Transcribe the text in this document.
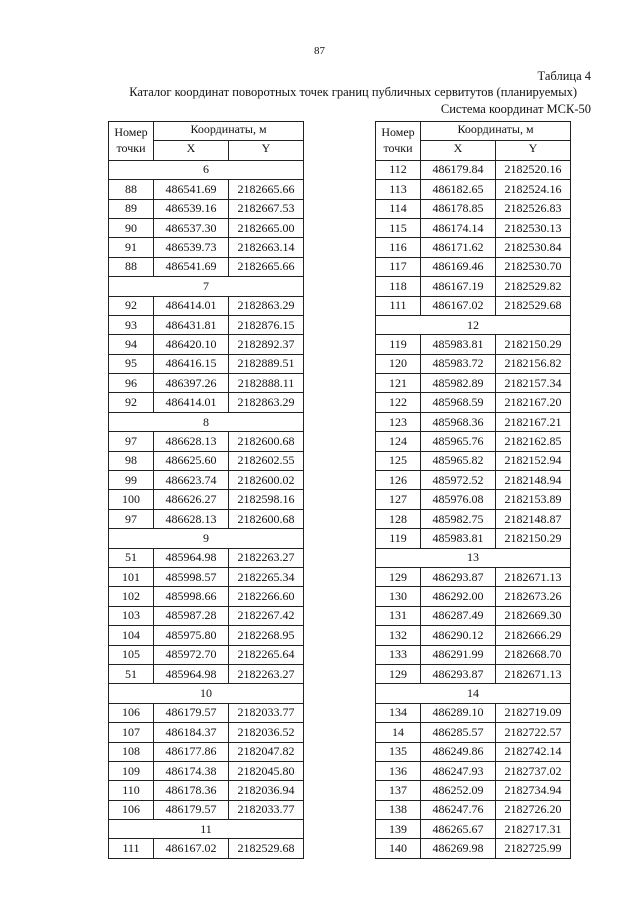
87
Таблица 4
Каталог координат поворотных точек границ публичных сервитутов (планируемых)
Система координат МСК-50
Номер точки	Координаты, м	
	X	Y
6		
88	486541.69	2182665.66
89	486539.16	2182667.53
90	486537.30	2182665.00
91	486539.73	2182663.14
88	486541.69	2182665.66
7		
92	486414.01	2182863.29
93	486431.81	2182876.15
94	486420.10	2182892.37
95	486416.15	2182889.51
96	486397.26	2182888.11
92	486414.01	2182863.29
8		
97	486628.13	2182600.68
98	486625.60	2182602.55
99	486623.74	2182600.02
100	486626.27	2182598.16
97	486628.13	2182600.68
9		
51	485964.98	2182263.27
101	485998.57	2182265.34
102	485998.66	2182266.60
103	485987.28	2182267.42
104	485975.80	2182268.95
105	485972.70	2182265.64
51	485964.98	2182263.27
10		
106	486179.57	2182033.77
107	486184.37	2182036.52
108	486177.86	2182047.82
109	486174.38	2182045.80
110	486178.36	2182036.94
106	486179.57	2182033.77
11		
111	486167.02	2182529.68
Номер точки	Координаты, м	
	X	Y
112	486179.84	2182520.16
113	486182.65	2182524.16
114	486178.85	2182526.83
115	486174.14	2182530.13
116	486171.62	2182530.84
117	486169.46	2182530.70
118	486167.19	2182529.82
111	486167.02	2182529.68
12		
119	485983.81	2182150.29
120	485983.72	2182156.82
121	485982.89	2182157.34
122	485968.59	2182167.20
123	485968.36	2182167.21
124	485965.76	2182162.85
125	485965.82	2182152.94
126	485972.52	2182148.94
127	485976.08	2182153.89
128	485982.75	2182148.87
119	485983.81	2182150.29
13		
129	486293.87	2182671.13
130	486292.00	2182673.26
131	486287.49	2182669.30
132	486290.12	2182666.29
133	486291.99	2182668.70
129	486293.87	2182671.13
14		
134	486289.10	2182719.09
14	486285.57	2182722.57
135	486249.86	2182742.14
136	486247.93	2182737.02
137	486252.09	2182734.94
138	486247.76	2182726.20
139	486265.67	2182717.31
140	486269.98	2182725.99
